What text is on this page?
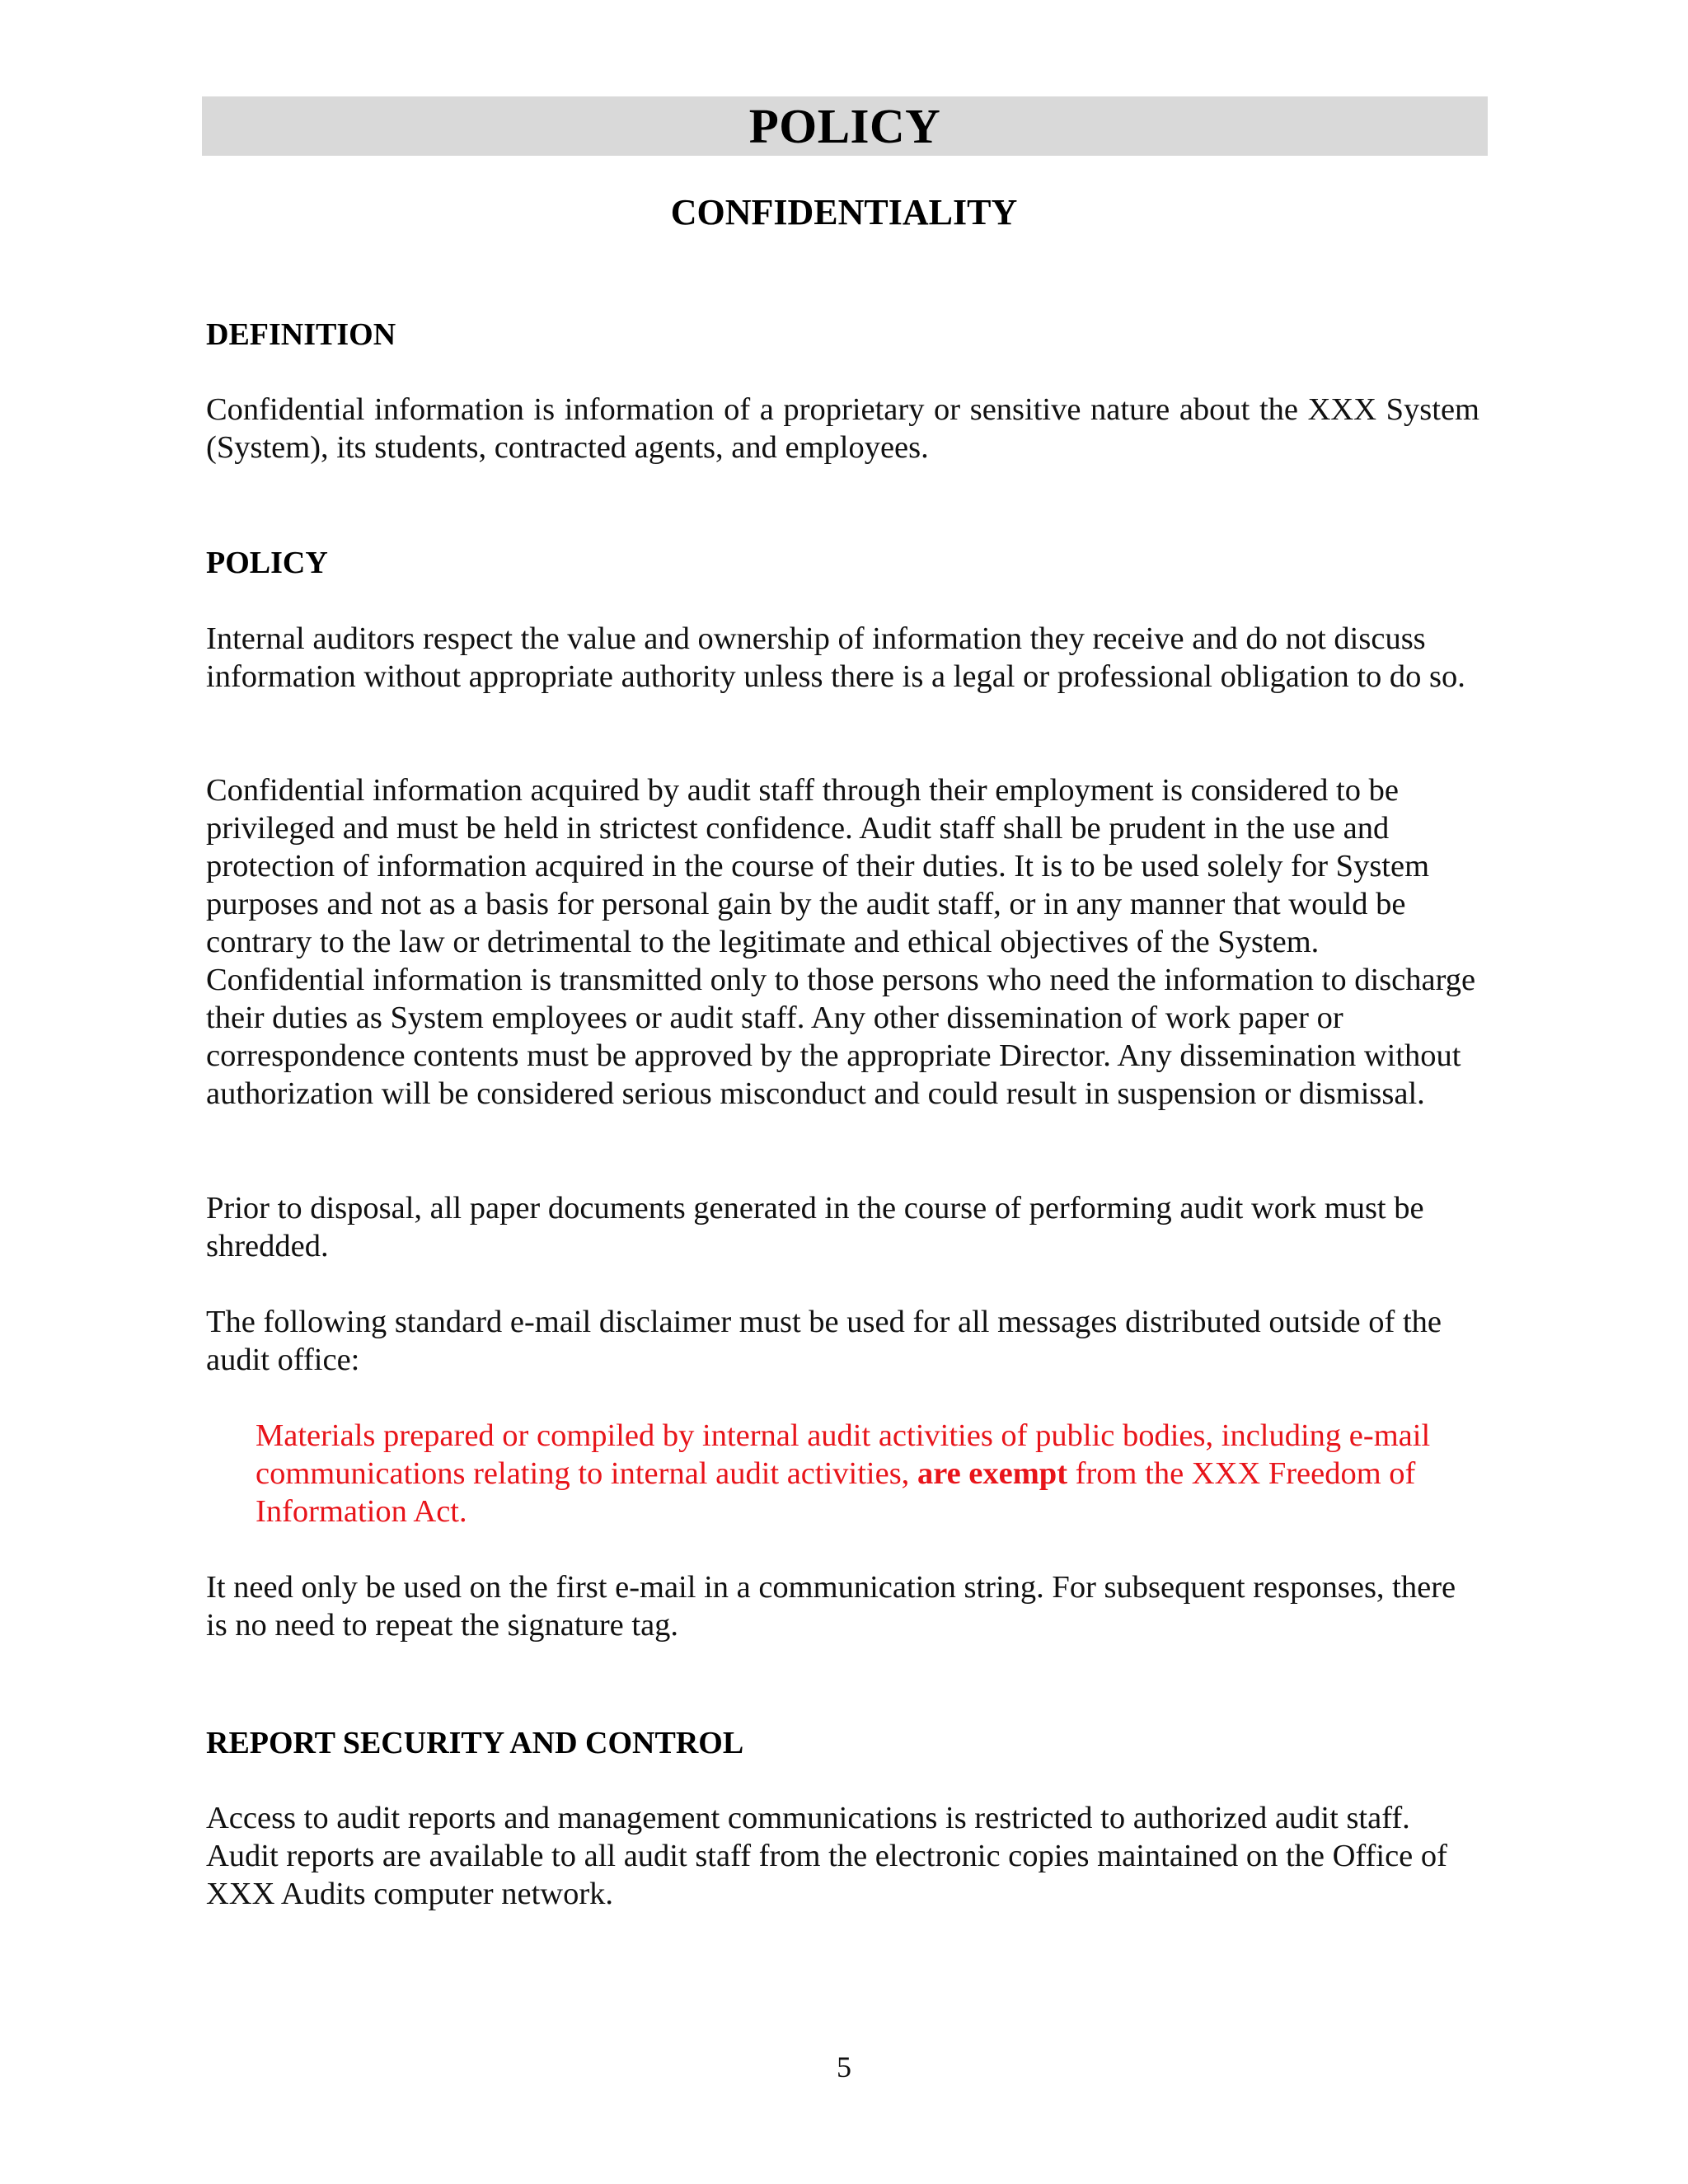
POLICY
CONFIDENTIALITY
DEFINITION

Confidential information is information of a proprietary or sensitive nature about the XXX System (System), its students, contracted agents, and employees.

POLICY

Internal auditors respect the value and ownership of information they receive and do not discuss information without appropriate authority unless there is a legal or professional obligation to do so.

Confidential information acquired by audit staff through their employment is considered to be privileged and must be held in strictest confidence. Audit staff shall be prudent in the use and protection of information acquired in the course of their duties. It is to be used solely for System purposes and not as a basis for personal gain by the audit staff, or in any manner that would be contrary to the law or detrimental to the legitimate and ethical objectives of the System. Confidential information is transmitted only to those persons who need the information to discharge their duties as System employees or audit staff. Any other dissemination of work paper or correspondence contents must be approved by the appropriate Director. Any dissemination without authorization will be considered serious misconduct and could result in suspension or dismissal.

Prior to disposal, all paper documents generated in the course of performing audit work must be shredded.

The following standard e-mail disclaimer must be used for all messages distributed outside of the audit office:

Materials prepared or compiled by internal audit activities of public bodies, including e-mail communications relating to internal audit activities, are exempt from the XXX Freedom of Information Act.

It need only be used on the first e-mail in a communication string. For subsequent responses, there is no need to repeat the signature tag.

REPORT SECURITY AND CONTROL

Access to audit reports and management communications is restricted to authorized audit staff. Audit reports are available to all audit staff from the electronic copies maintained on the Office of XXX Audits computer network.

5
